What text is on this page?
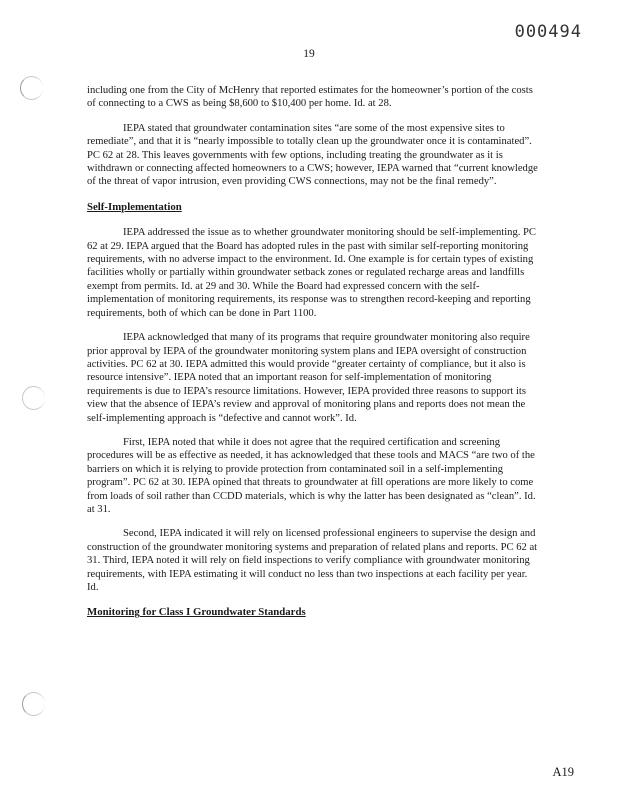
000494
19

including one from the City of McHenry that reported estimates for the homeowner’s portion of the costs of connecting to a CWS as being $8,600 to $10,400 per home. Id. at 28.

IEPA stated that groundwater contamination sites “are some of the most expensive sites to remediate”, and that it is “nearly impossible to totally clean up the groundwater once it is contaminated”. PC 62 at 28. This leaves governments with few options, including treating the groundwater as it is withdrawn or connecting affected homeowners to a CWS; however, IEPA warned that “current knowledge of the threat of vapor intrusion, even providing CWS connections, may not be the final remedy”.

Self-Implementation

IEPA addressed the issue as to whether groundwater monitoring should be self-implementing. PC 62 at 29. IEPA argued that the Board has adopted rules in the past with similar self-reporting monitoring requirements, with no adverse impact to the environment. Id. One example is for certain types of existing facilities wholly or partially within groundwater setback zones or regulated recharge areas and landfills exempt from permits. Id. at 29 and 30. While the Board had expressed concern with the self-implementation of monitoring requirements, its response was to strengthen record-keeping and reporting requirements, both of which can be done in Part 1100.

IEPA acknowledged that many of its programs that require groundwater monitoring also require prior approval by IEPA of the groundwater monitoring system plans and IEPA oversight of construction activities. PC 62 at 30. IEPA admitted this would provide “greater certainty of compliance, but it also is resource intensive”. IEPA noted that an important reason for self-implementation of monitoring requirements is due to IEPA’s resource limitations. However, IEPA provided three reasons to support its view that the absence of IEPA’s review and approval of monitoring plans and reports does not mean the self-implementing approach is “defective and cannot work”. Id.

First, IEPA noted that while it does not agree that the required certification and screening procedures will be as effective as needed, it has acknowledged that these tools and MACS “are two of the barriers on which it is relying to provide protection from contaminated soil in a self-implementing program”. PC 62 at 30. IEPA opined that threats to groundwater at fill operations are more likely to come from loads of soil rather than CCDD materials, which is why the latter has been designated as “clean”. Id. at 31.

Second, IEPA indicated it will rely on licensed professional engineers to supervise the design and construction of the groundwater monitoring systems and preparation of related plans and reports. PC 62 at 31. Third, IEPA noted it will rely on field inspections to verify compliance with groundwater monitoring requirements, with IEPA estimating it will conduct no less than two inspections at each facility per year. Id.

Monitoring for Class I Groundwater Standards
A19
